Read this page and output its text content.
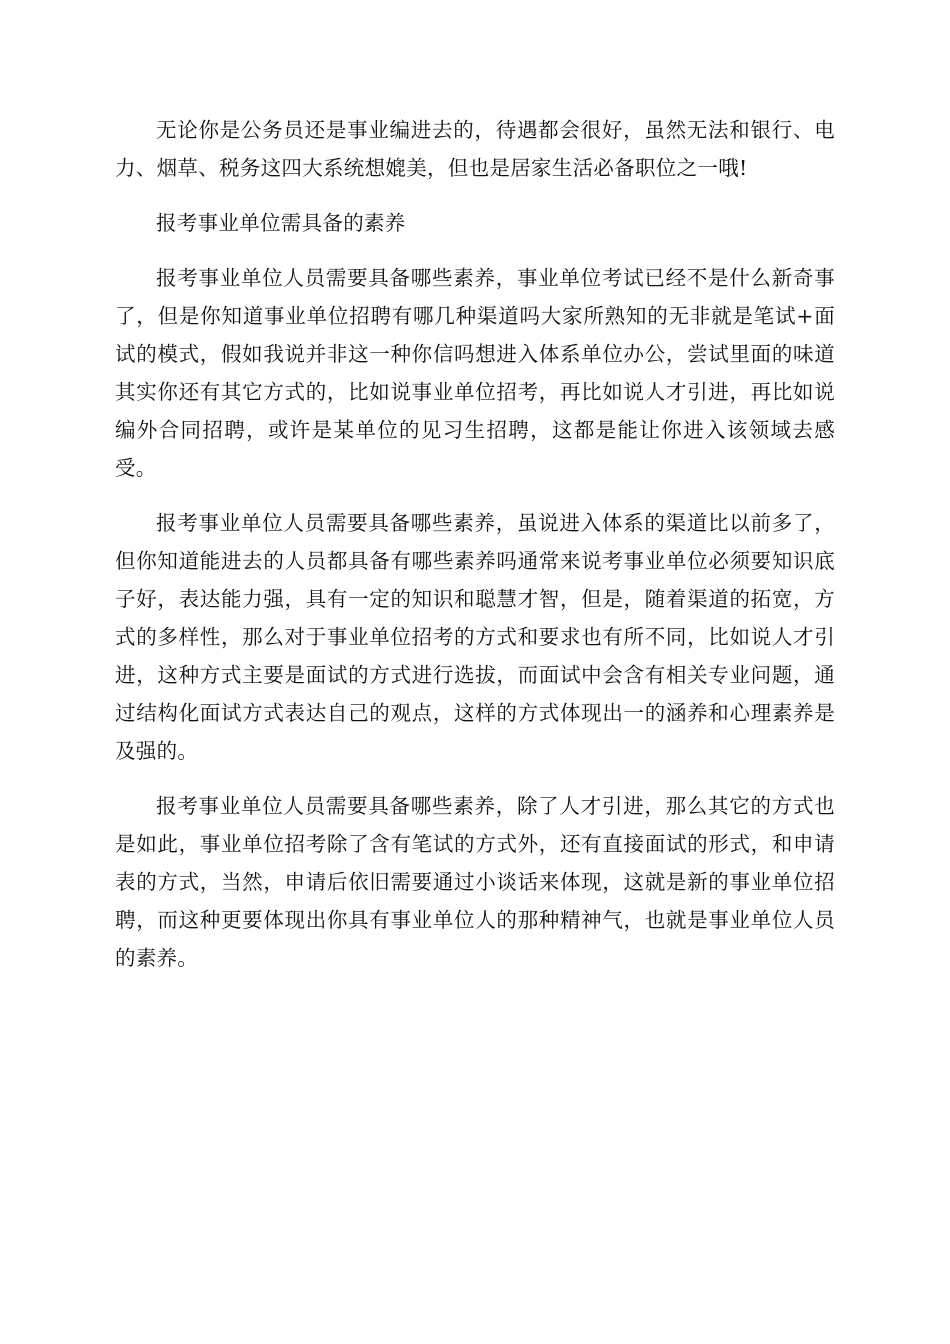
无论你是公务员还是事业编进去的，待遇都会很好，虽然无法和银行、电力、烟草、税务这四大系统想媲美，但也是居家生活必备职位之一哦!

报考事业单位需具备的素养

报考事业单位人员需要具备哪些素养，事业单位考试已经不是什么新奇事了，但是你知道事业单位招聘有哪几种渠道吗大家所熟知的无非就是笔试+面试的模式，假如我说并非这一种你信吗想进入体系单位办公，尝试里面的味道其实你还有其它方式的，比如说事业单位招考，再比如说人才引进，再比如说编外合同招聘，或许是某单位的见习生招聘，这都是能让你进入该领域去感受。

报考事业单位人员需要具备哪些素养，虽说进入体系的渠道比以前多了，但你知道能进去的人员都具备有哪些素养吗通常来说考事业单位必须要知识底子好，表达能力强，具有一定的知识和聪慧才智，但是，随着渠道的拓宽，方式的多样性，那么对于事业单位招考的方式和要求也有所不同，比如说人才引进，这种方式主要是面试的方式进行选拔，而面试中会含有相关专业问题，通过结构化面试方式表达自己的观点，这样的方式体现出一的涵养和心理素养是及强的。

报考事业单位人员需要具备哪些素养，除了人才引进，那么其它的方式也是如此，事业单位招考除了含有笔试的方式外，还有直接面试的形式，和申请表的方式，当然，申请后依旧需要通过小谈话来体现，这就是新的事业单位招聘，而这种更要体现出你具有事业单位人的那种精神气，也就是事业单位人员的素养。
